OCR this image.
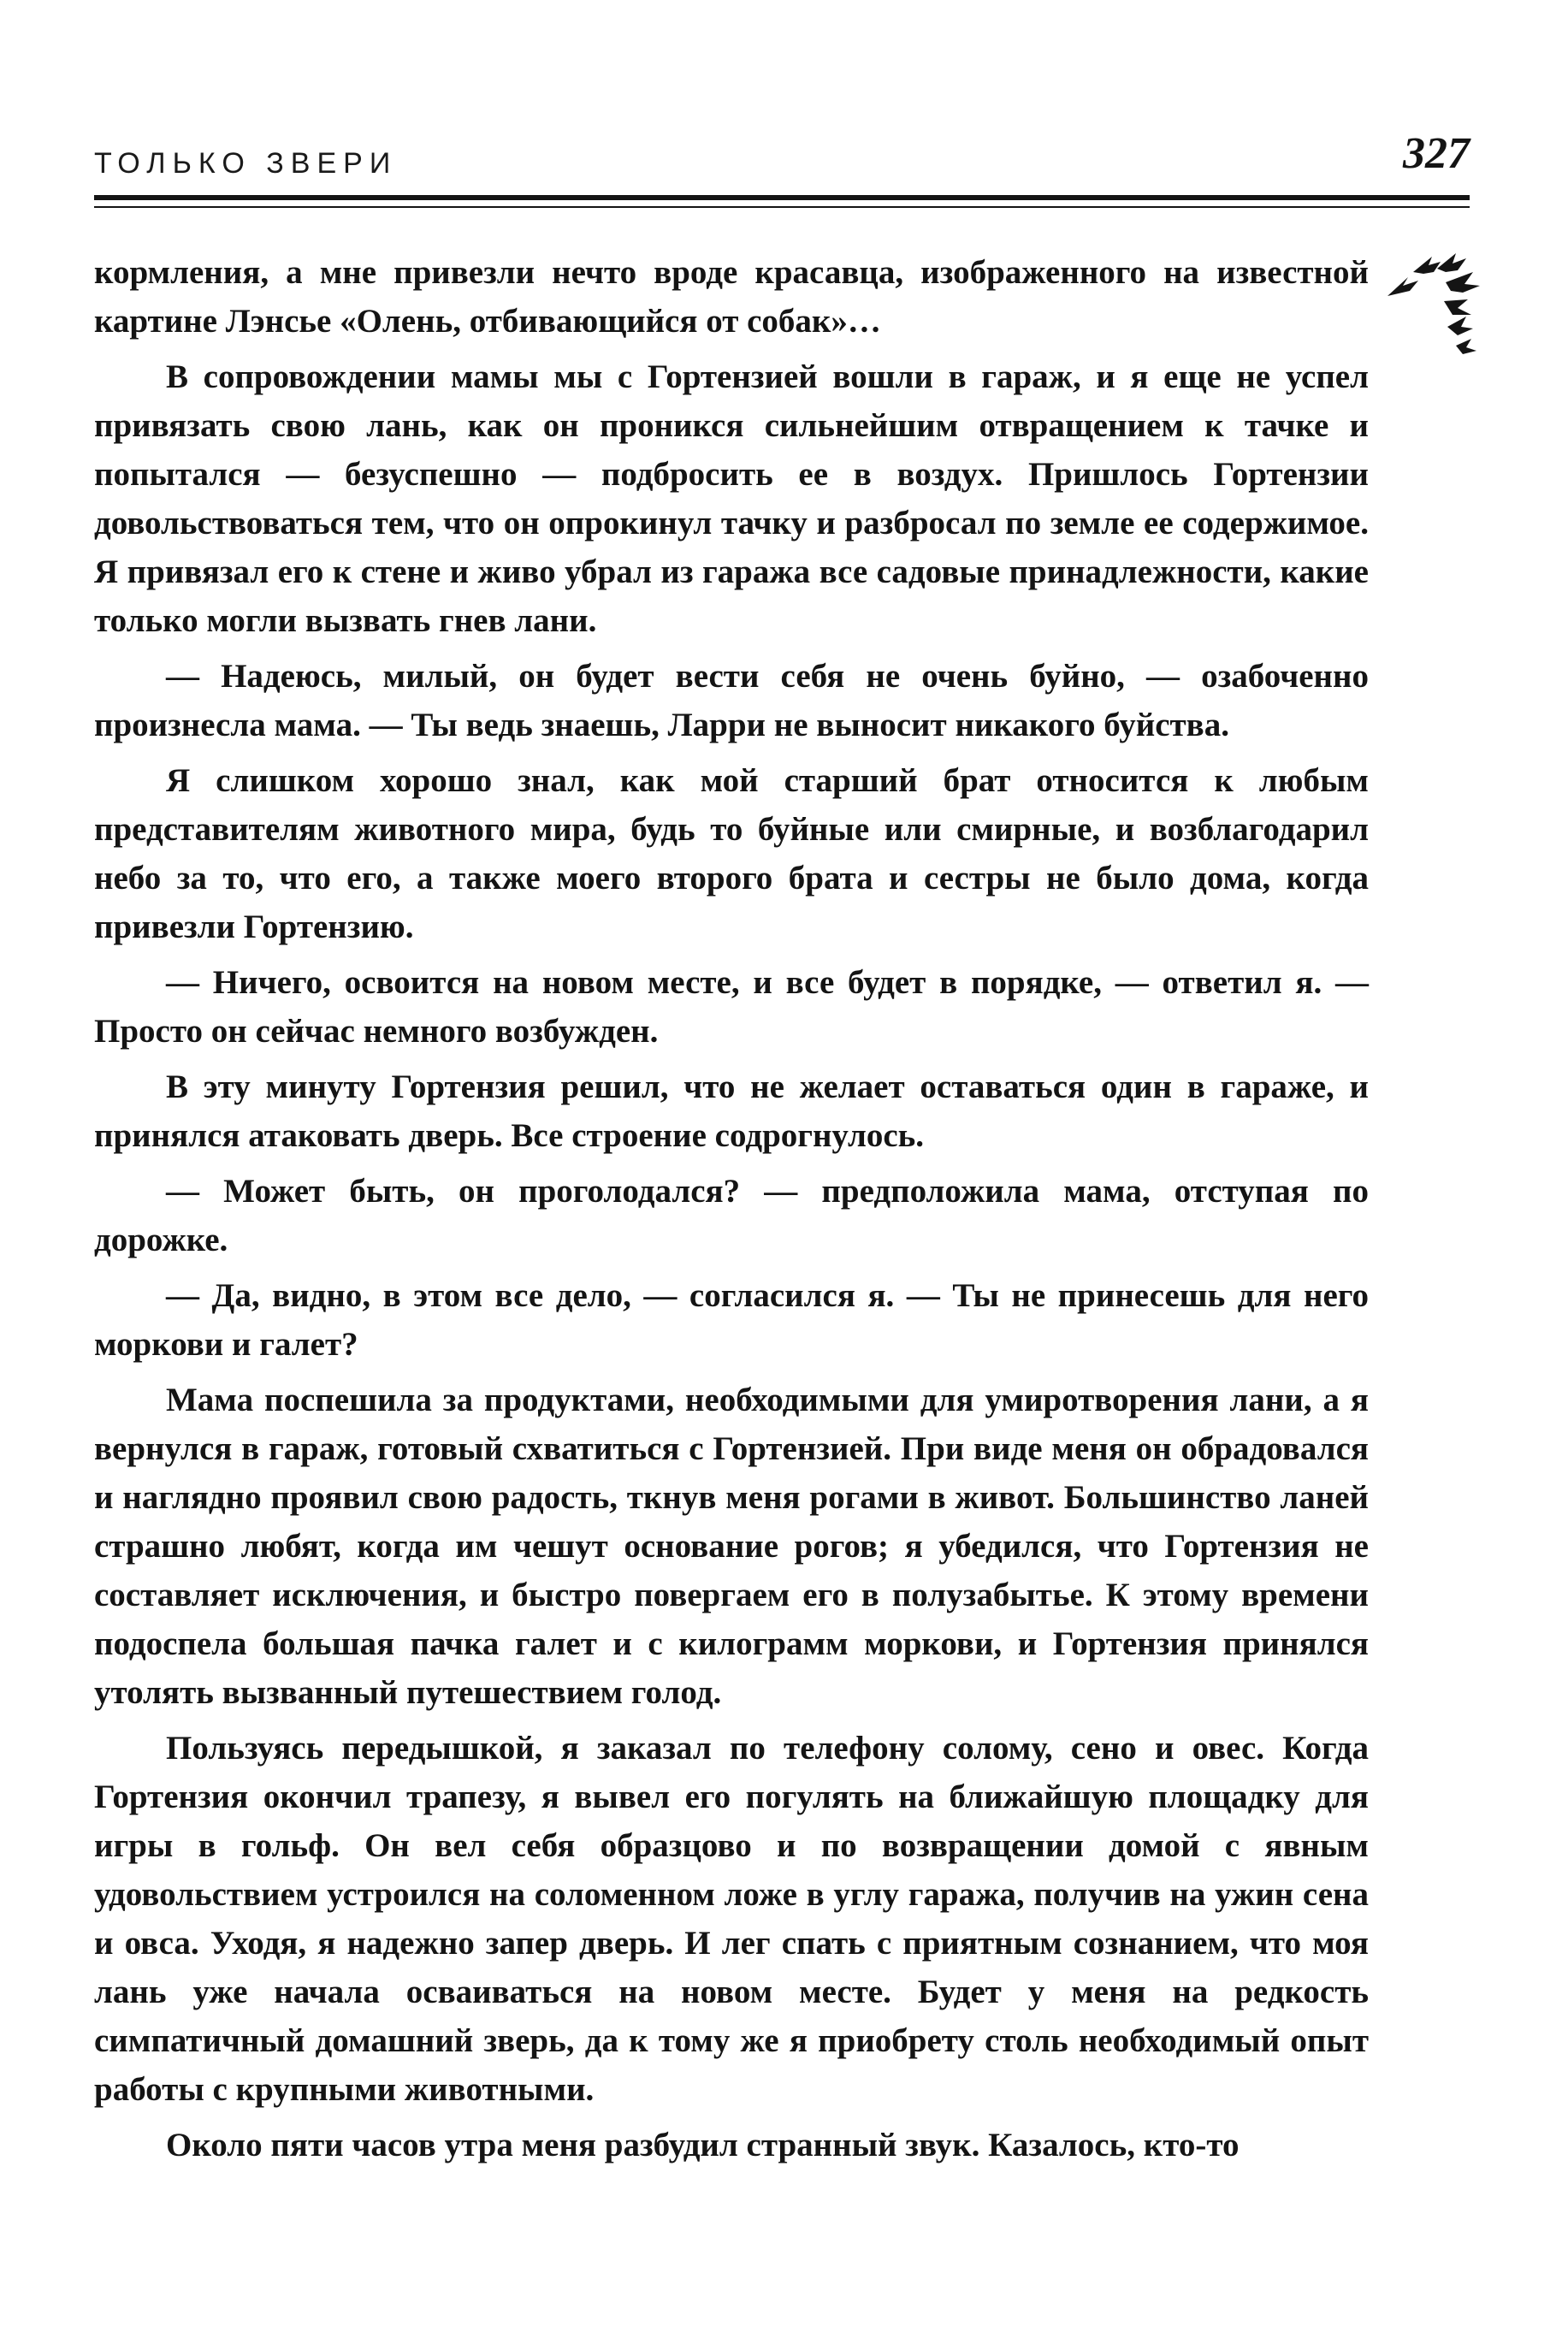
ТОЛЬКО ЗВЕРИ	327

кормления, а мне привезли нечто вроде красавца, изображенного на известной картине Лэнсье «Олень, отбивающийся от собак»…

В сопровождении мамы мы с Гортензией вошли в гараж, и я еще не успел привязать свою лань, как он проникся сильнейшим отвращением к тачке и попытался — безуспешно — подбросить ее в воздух. Пришлось Гортензии довольствоваться тем, что он опрокинул тачку и разбросал по земле ее содержимое. Я привязал его к стене и живо убрал из гаража все садовые принадлежности, какие только могли вызвать гнев лани.

— Надеюсь, милый, он будет вести себя не очень буйно, — озабоченно произнесла мама. — Ты ведь знаешь, Ларри не выносит никакого буйства.

Я слишком хорошо знал, как мой старший брат относится к любым представителям животного мира, будь то буйные или смирные, и возблагодарил небо за то, что его, а также моего второго брата и сестры не было дома, когда привезли Гортензию.

— Ничего, освоится на новом месте, и все будет в порядке, — ответил я. — Просто он сейчас немного возбужден.

В эту минуту Гортензия решил, что не желает оставаться один в гараже, и принялся атаковать дверь. Все строение содрогнулось.

— Может быть, он проголодался? — предположила мама, отступая по дорожке.

— Да, видно, в этом все дело, — согласился я. — Ты не принесешь для него моркови и галет?

Мама поспешила за продуктами, необходимыми для умиротворения лани, а я вернулся в гараж, готовый схватиться с Гортензией. При виде меня он обрадовался и наглядно проявил свою радость, ткнув меня рогами в живот. Большинство ланей страшно любят, когда им чешут основание рогов; я убедился, что Гортензия не составляет исключения, и быстро повергаем его в полузабытье. К этому времени подоспела большая пачка галет и с килограмм моркови, и Гортензия принялся утолять вызванный путешествием голод.

Пользуясь передышкой, я заказал по телефону солому, сено и овес. Когда Гортензия окончил трапезу, я вывел его погулять на ближайшую площадку для игры в гольф. Он вел себя образцово и по возвращении домой с явным удовольствием устроился на соломенном ложе в углу гаража, получив на ужин сена и овса. Уходя, я надежно запер дверь. И лег спать с приятным сознанием, что моя лань уже начала осваиваться на новом месте. Будет у меня на редкость симпатичный домашний зверь, да к тому же я приобрету столь необходимый опыт работы с крупными животными.

Около пяти часов утра меня разбудил странный звук. Казалось, кто-то
